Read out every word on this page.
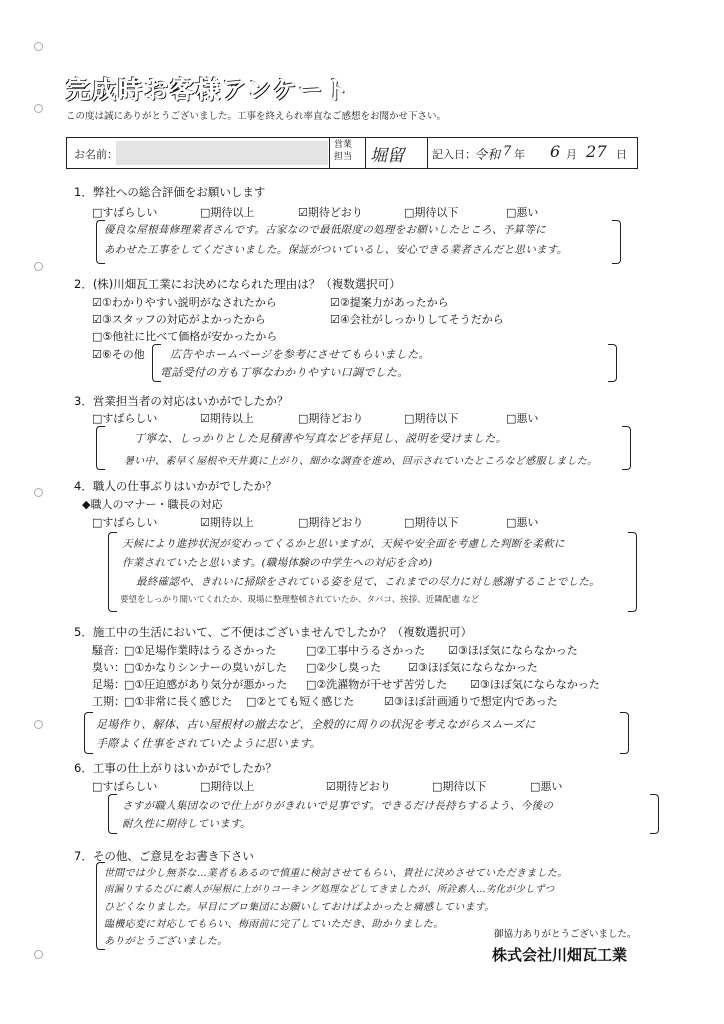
完成時お客様アンケート
この度は誠にありがとうございました。工事を終えられ率直なご感想をお聞かせ下さい。
お名前：
営業
担当 堀留 記入日：
令和 7 年 6 月 27 日
1．弊社への総合評価をお願いします
□すばらしい	□期待以上	☑期待どおり	□期待以下	□悪い
優良な屋根葺修理業者さんです。古家なので最低限度の処理をお願いしたところ、予算等に
あわせた工事をしてくださいました。保証がついているし、安心できる業者さんだと思います。
2．(株)川畑瓦工業にお決めになられた理由は？（複数選択可）
☑①わかりやすい説明がなされたから	☑②提案力があったから
☑③スタッフの対応がよかったから	☑④会社がしっかりしてそうだから
□⑤他社に比べて価格が安かったから
☑⑥その他 広告やホームページを参考にさせてもらいました。
電話受付の方も丁寧なわかりやすい口調でした。
3．営業担当者の対応はいかがでしたか？
□すばらしい	☑期待以上	□期待どおり	□期待以下	□悪い
丁寧な、しっかりとした見積書や写真などを拝見し、説明を受けました。
暑い中、素早く屋根や天井裏に上がり、細かな調査を進め、回示されていたところなど感服しました。
4．職人の仕事ぶりはいかがでしたか？
◆職人のマナー・職長の対応
□すばらしい	☑期待以上	□期待どおり	□期待以下	□悪い
天候により進捗状況が変わってくるかと思いますが、天候や安全面を考慮した判断を柔軟に
作業されていたと思います。(職場体験の中学生への対応を含め)
最終確認や、きれいに掃除をされている姿を見て、これまでの尽力に対し感謝することでした。
要望をしっかり聞いてくれたか、現場に整理整頓されていたか、タバコ、挨拶、近隣配慮 など
5．施工中の生活において、ご不便はございませんでしたか？（複数選択可）
騒音： □①足場作業時はうるさかった	□②工事中うるさかった ☑③ほぼ気にならなかった
臭い： □①かなりシンナーの臭いがした □②少し臭った ☑③ほぼ気にならなかった
足場： □①圧迫感があり気分が悪かった □②洗濯物が干せず苦労した ☑③ほぼ気にならなかった
工期： □①非常に長く感じた □②とても短く感じた	☑③ほぼ計画通りで想定内であった
足場作り、解体、古い屋根材の撤去など、全般的に周りの状況を考えながらスムーズに
手際よく仕事をされていたように思います。
6．工事の仕上がりはいかがでしたか？
□すばらしい	□期待以上	☑期待どおり	□期待以下	□悪い
さすが職人集団なので仕上がりがきれいで見事です。できるだけ長持ちするよう、今後の
耐久性に期待しています。
7．その他、ご意見をお書き下さい
世間では少し無茶な…業者もあるので慎重に検討させてもらい、貴社に決めさせていただきました。
雨漏りするたびに素人が屋根に上がりコーキング処理などしてきましたが、所詮素人…劣化が少しずつ
ひどくなりました。早目にプロ集団にお願いしておけばよかったと痛感しています。
臨機応変に対応してもらい、梅雨前に完了していただき、助かりました。
ありがとうございました。
御協力ありがとうございました。
株式会社川畑瓦工業
